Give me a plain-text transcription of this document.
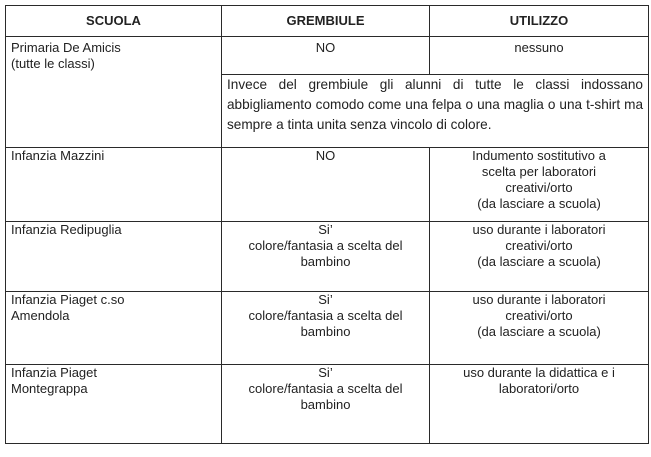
SCUOLA	GREMBIULE	UTILIZZO

Primaria De Amicis
(tutte le classi)	NO	nessuno

	Invece del grembiule gli alunni di tutte le classi indossano abbigliamento comodo come una felpa o una maglia o una t-shirt ma sempre a tinta unita senza vincolo di colore.	

Infanzia Mazzini	NO	Indumento sostitutivo a
scelta per laboratori
creativi/orto
(da lasciare a scuola)

Infanzia Redipuglia	Si’
colore/fantasia a scelta del
bambino	uso durante i laboratori
creativi/orto
(da lasciare a scuola)

Infanzia Piaget c.so
Amendola	Si’
colore/fantasia a scelta del
bambino	uso durante i laboratori
creativi/orto
(da lasciare a scuola)

Infanzia Piaget
Montegrappa	Si’
colore/fantasia a scelta del
bambino	uso durante la didattica e i
laboratori/orto
